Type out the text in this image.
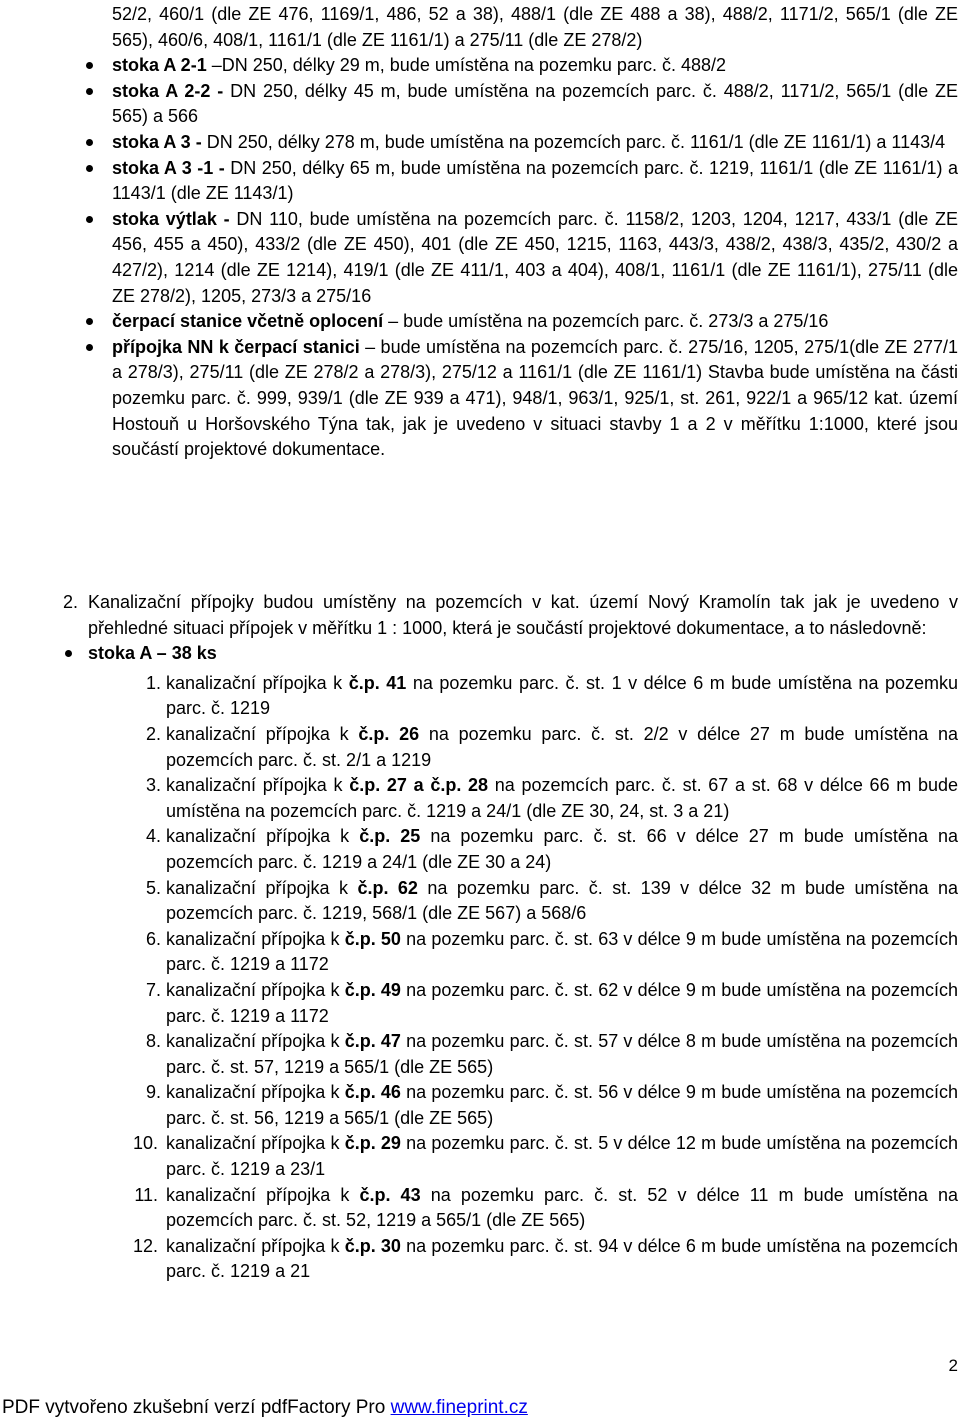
52/2, 460/1 (dle ZE 476, 1169/1, 486, 52 a 38), 488/1 (dle ZE 488 a 38), 488/2, 1171/2, 565/1 (dle ZE 565), 460/6, 408/1, 1161/1 (dle ZE 1161/1) a 275/11 (dle ZE 278/2)

stoka A 2-1 –DN 250, délky 29 m, bude umístěna na pozemku parc. č. 488/2

stoka A 2-2 - DN 250, délky 45 m, bude umístěna na pozemcích parc. č. 488/2, 1171/2, 565/1 (dle ZE 565) a 566

stoka A 3 - DN 250, délky 278 m, bude umístěna na pozemcích parc. č. 1161/1 (dle ZE 1161/1) a 1143/4

stoka A 3 -1 - DN 250, délky 65 m, bude umístěna na pozemcích parc. č. 1219, 1161/1 (dle ZE 1161/1) a 1143/1 (dle ZE 1143/1)

stoka výtlak - DN 110, bude umístěna na pozemcích parc. č. 1158/2, 1203, 1204, 1217, 433/1 (dle ZE 456, 455 a 450), 433/2 (dle ZE 450), 401 (dle ZE 450, 1215, 1163, 443/3, 438/2, 438/3, 435/2, 430/2 a 427/2), 1214 (dle ZE 1214), 419/1 (dle ZE 411/1, 403 a 404), 408/1, 1161/1 (dle ZE 1161/1), 275/11 (dle ZE 278/2), 1205, 273/3 a 275/16

čerpací stanice včetně oplocení – bude umístěna na pozemcích parc. č. 273/3 a 275/16

přípojka NN k čerpací stanici – bude umístěna na pozemcích parc. č. 275/16, 1205, 275/1(dle ZE 277/1 a 278/3), 275/11 (dle ZE 278/2 a 278/3), 275/12 a 1161/1 (dle ZE 1161/1) Stavba bude umístěna na části pozemku parc. č. 999, 939/1 (dle ZE 939 a 471), 948/1, 963/1, 925/1, st. 261, 922/1 a 965/12 kat. území Hostouň u Horšovského Týna tak, jak je uvedeno v situaci stavby 1 a 2 v měřítku 1:1000, které jsou součástí projektové dokumentace.

2. Kanalizační přípojky budou umístěny na pozemcích v kat. území Nový Kramolín tak jak je uvedeno v přehledné situaci přípojek v měřítku 1 : 1000, která je součástí projektové dokumentace, a to následovně:

stoka A – 38 ks

1. kanalizační přípojka k č.p. 41 na pozemku parc. č. st. 1 v délce 6 m bude umístěna na pozemku parc. č. 1219
2. kanalizační přípojka k č.p. 26 na pozemku parc. č. st. 2/2 v délce 27 m bude umístěna na pozemcích parc. č. st. 2/1 a 1219
3. kanalizační přípojka k č.p. 27 a č.p. 28 na pozemcích parc. č. st. 67 a st. 68 v délce 66 m bude umístěna na pozemcích parc. č. 1219 a 24/1 (dle ZE 30, 24, st. 3 a 21)
4. kanalizační přípojka k č.p. 25 na pozemku parc. č. st. 66 v délce 27 m bude umístěna na pozemcích parc. č. 1219 a 24/1 (dle ZE 30 a 24)
5. kanalizační přípojka k č.p. 62 na pozemku parc. č. st. 139 v délce 32 m bude umístěna na pozemcích parc. č. 1219, 568/1 (dle ZE 567) a 568/6
6. kanalizační přípojka k č.p. 50 na pozemku parc. č. st. 63 v délce 9 m bude umístěna na pozemcích parc. č. 1219 a 1172
7. kanalizační přípojka k č.p. 49 na pozemku parc. č. st. 62 v délce 9 m bude umístěna na pozemcích parc. č. 1219 a 1172
8. kanalizační přípojka k č.p. 47 na pozemku parc. č. st. 57 v délce 8 m bude umístěna na pozemcích parc. č. st. 57, 1219 a 565/1 (dle ZE 565)
9. kanalizační přípojka k č.p. 46 na pozemku parc. č. st. 56 v délce 9 m bude umístěna na pozemcích parc. č. st. 56, 1219 a 565/1 (dle ZE 565)
10. kanalizační přípojka k č.p. 29 na pozemku parc. č. st. 5 v délce 12 m bude umístěna na pozemcích parc. č. 1219 a 23/1
11. kanalizační přípojka k č.p. 43 na pozemku parc. č. st. 52 v délce 11 m bude umístěna na pozemcích parc. č. st. 52, 1219 a 565/1 (dle ZE 565)
12. kanalizační přípojka k č.p. 30 na pozemku parc. č. st. 94 v délce 6 m bude umístěna na pozemcích parc. č. 1219 a 21
2
PDF vytvořeno zkušební verzí pdfFactory Pro www.fineprint.cz
